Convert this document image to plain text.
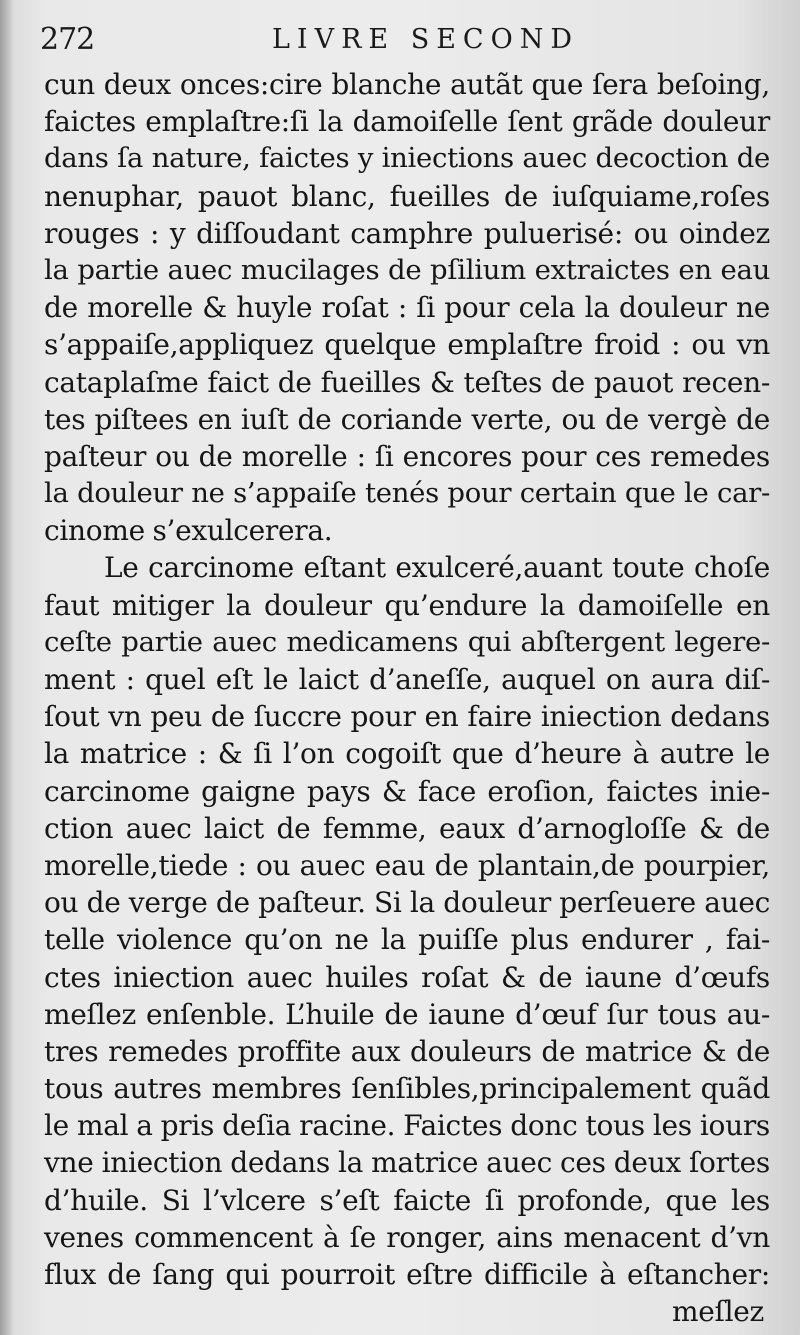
272	LIVRE SECOND
cun deux onces:cire blanche autãt que ſera beſoing,
faictes emplaſtre:ſi la damoiſelle ſent grãde douleur
dans ſa nature, faictes y iniections auec decoction de
nenuphar, pauot blanc, fueilles de iuſquiame,roſes
rouges : y diſſoudant camphre puluerisé: ou oindez
la partie auec mucilages de pſilium extraictes en eau
de morelle & huyle roſat : ſi pour cela la douleur ne
s’appaiſe,appliquez quelque emplaſtre froid : ou vn
cataplaſme faict de fueilles & teſtes de pauot recen-
tes piſtees en iuſt de coriande verte, ou de vergè de
paſteur ou de morelle : ſi encores pour ces remedes
la douleur ne s’appaiſe tenés pour certain que le car-
cinome s’exulcerera.
Le carcinome eſtant exulceré,auant toute choſe
faut mitiger la douleur qu’endure la damoiſelle en
ceſte partie auec medicamens qui abſtergent legere-
ment : quel eſt le laict d’aneſſe, auquel on aura diſ-
ſout vn peu de ſuccre pour en faire iniection dedans
la matrice : & ſi l’on cogoiſt que d’heure à autre le
carcinome gaigne pays & face eroſion, faictes inie-
ction auec laict de femme, eaux d’arnogloſſe & de
morelle,tiede : ou auec eau de plantain,de pourpier,
ou de verge de paſteur. Si la douleur perſeuere auec
telle violence qu’on ne la puiſſe plus endurer , fai-
ctes iniection auec huiles roſat & de iaune d’œufs
meſlez enſenble. L’huile de iaune d’œuf ſur tous au-
tres remedes proffite aux douleurs de matrice & de
tous autres membres ſenſibles,principalement quãd
le mal a pris deſia racine. Faictes donc tous les iours
vne iniection dedans la matrice auec ces deux ſortes
d’huile. Si l’vlcere s’eſt faicte ſi profonde, que les
venes commencent à ſe ronger, ains menacent d’vn
flux de ſang qui pourroit eſtre difficile à eſtancher:
meſlez
